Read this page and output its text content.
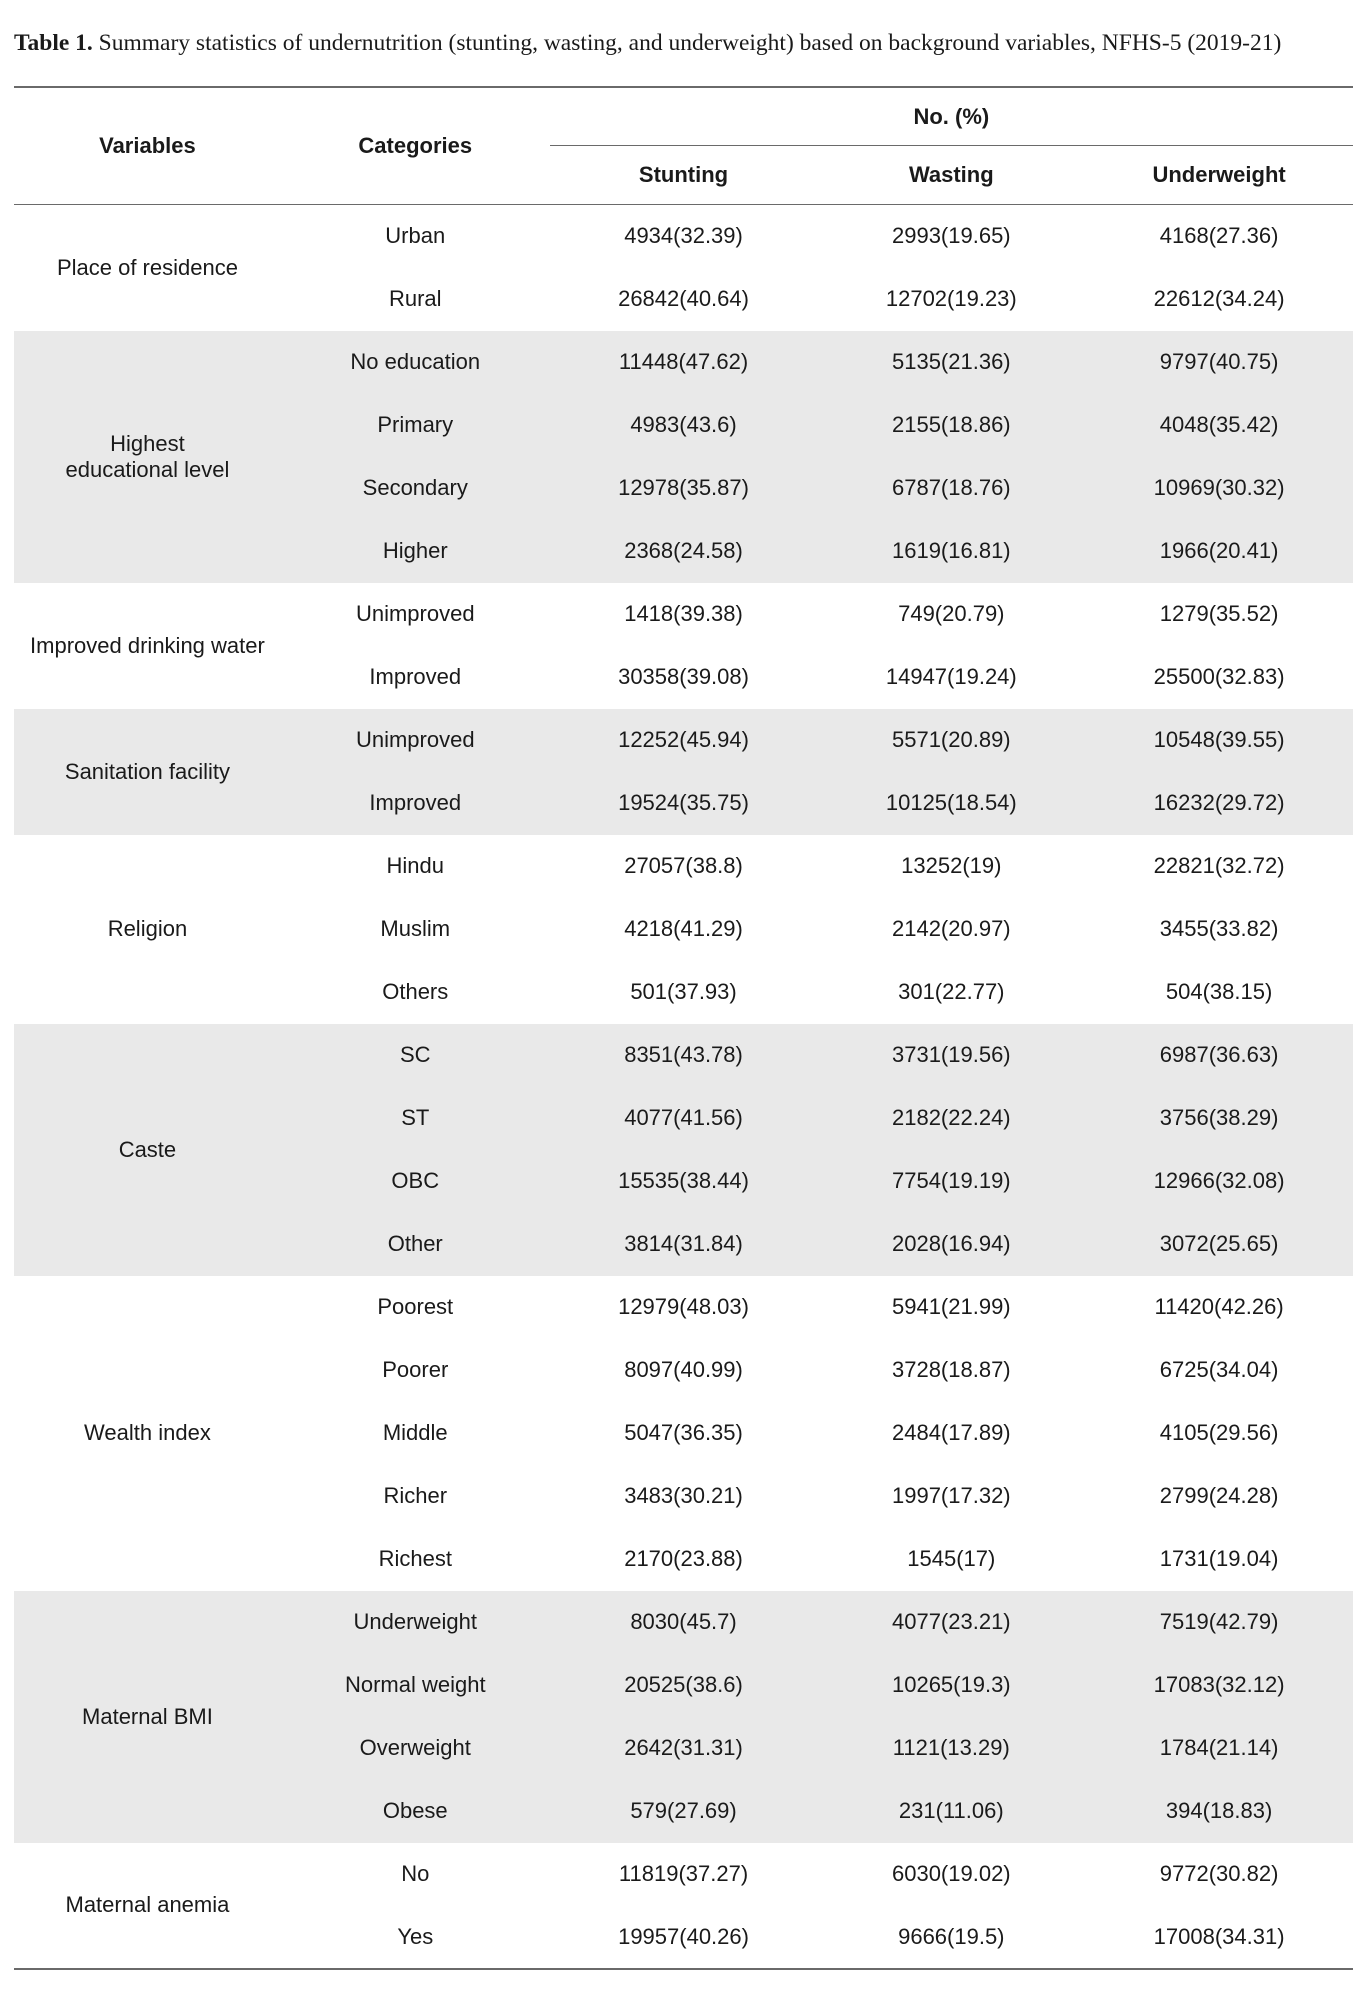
Table 1. Summary statistics of undernutrition (stunting, wasting, and underweight) based on background variables, NFHS-5 (2019-21)
Variables	Categories	No. (%)		
		Stunting	Wasting	Underweight
Place of residence	Urban	4934(32.39)	2993(19.65)	4168(27.36)
	Rural	26842(40.64)	12702(19.23)	22612(34.24)
Highest educational level	No education	11448(47.62)	5135(21.36)	9797(40.75)
	Primary	4983(43.6)	2155(18.86)	4048(35.42)
	Secondary	12978(35.87)	6787(18.76)	10969(30.32)
	Higher	2368(24.58)	1619(16.81)	1966(20.41)
Improved drinking water	Unimproved	1418(39.38)	749(20.79)	1279(35.52)
	Improved	30358(39.08)	14947(19.24)	25500(32.83)
Sanitation facility	Unimproved	12252(45.94)	5571(20.89)	10548(39.55)
	Improved	19524(35.75)	10125(18.54)	16232(29.72)
Religion	Hindu	27057(38.8)	13252(19)	22821(32.72)
	Muslim	4218(41.29)	2142(20.97)	3455(33.82)
	Others	501(37.93)	301(22.77)	504(38.15)
Caste	SC	8351(43.78)	3731(19.56)	6987(36.63)
	ST	4077(41.56)	2182(22.24)	3756(38.29)
	OBC	15535(38.44)	7754(19.19)	12966(32.08)
	Other	3814(31.84)	2028(16.94)	3072(25.65)
Wealth index	Poorest	12979(48.03)	5941(21.99)	11420(42.26)
	Poorer	8097(40.99)	3728(18.87)	6725(34.04)
	Middle	5047(36.35)	2484(17.89)	4105(29.56)
	Richer	3483(30.21)	1997(17.32)	2799(24.28)
	Richest	2170(23.88)	1545(17)	1731(19.04)
Maternal BMI	Underweight	8030(45.7)	4077(23.21)	7519(42.79)
	Normal weight	20525(38.6)	10265(19.3)	17083(32.12)
	Overweight	2642(31.31)	1121(13.29)	1784(21.14)
	Obese	579(27.69)	231(11.06)	394(18.83)
Maternal anemia	No	11819(37.27)	6030(19.02)	9772(30.82)
	Yes	19957(40.26)	9666(19.5)	17008(34.31)
